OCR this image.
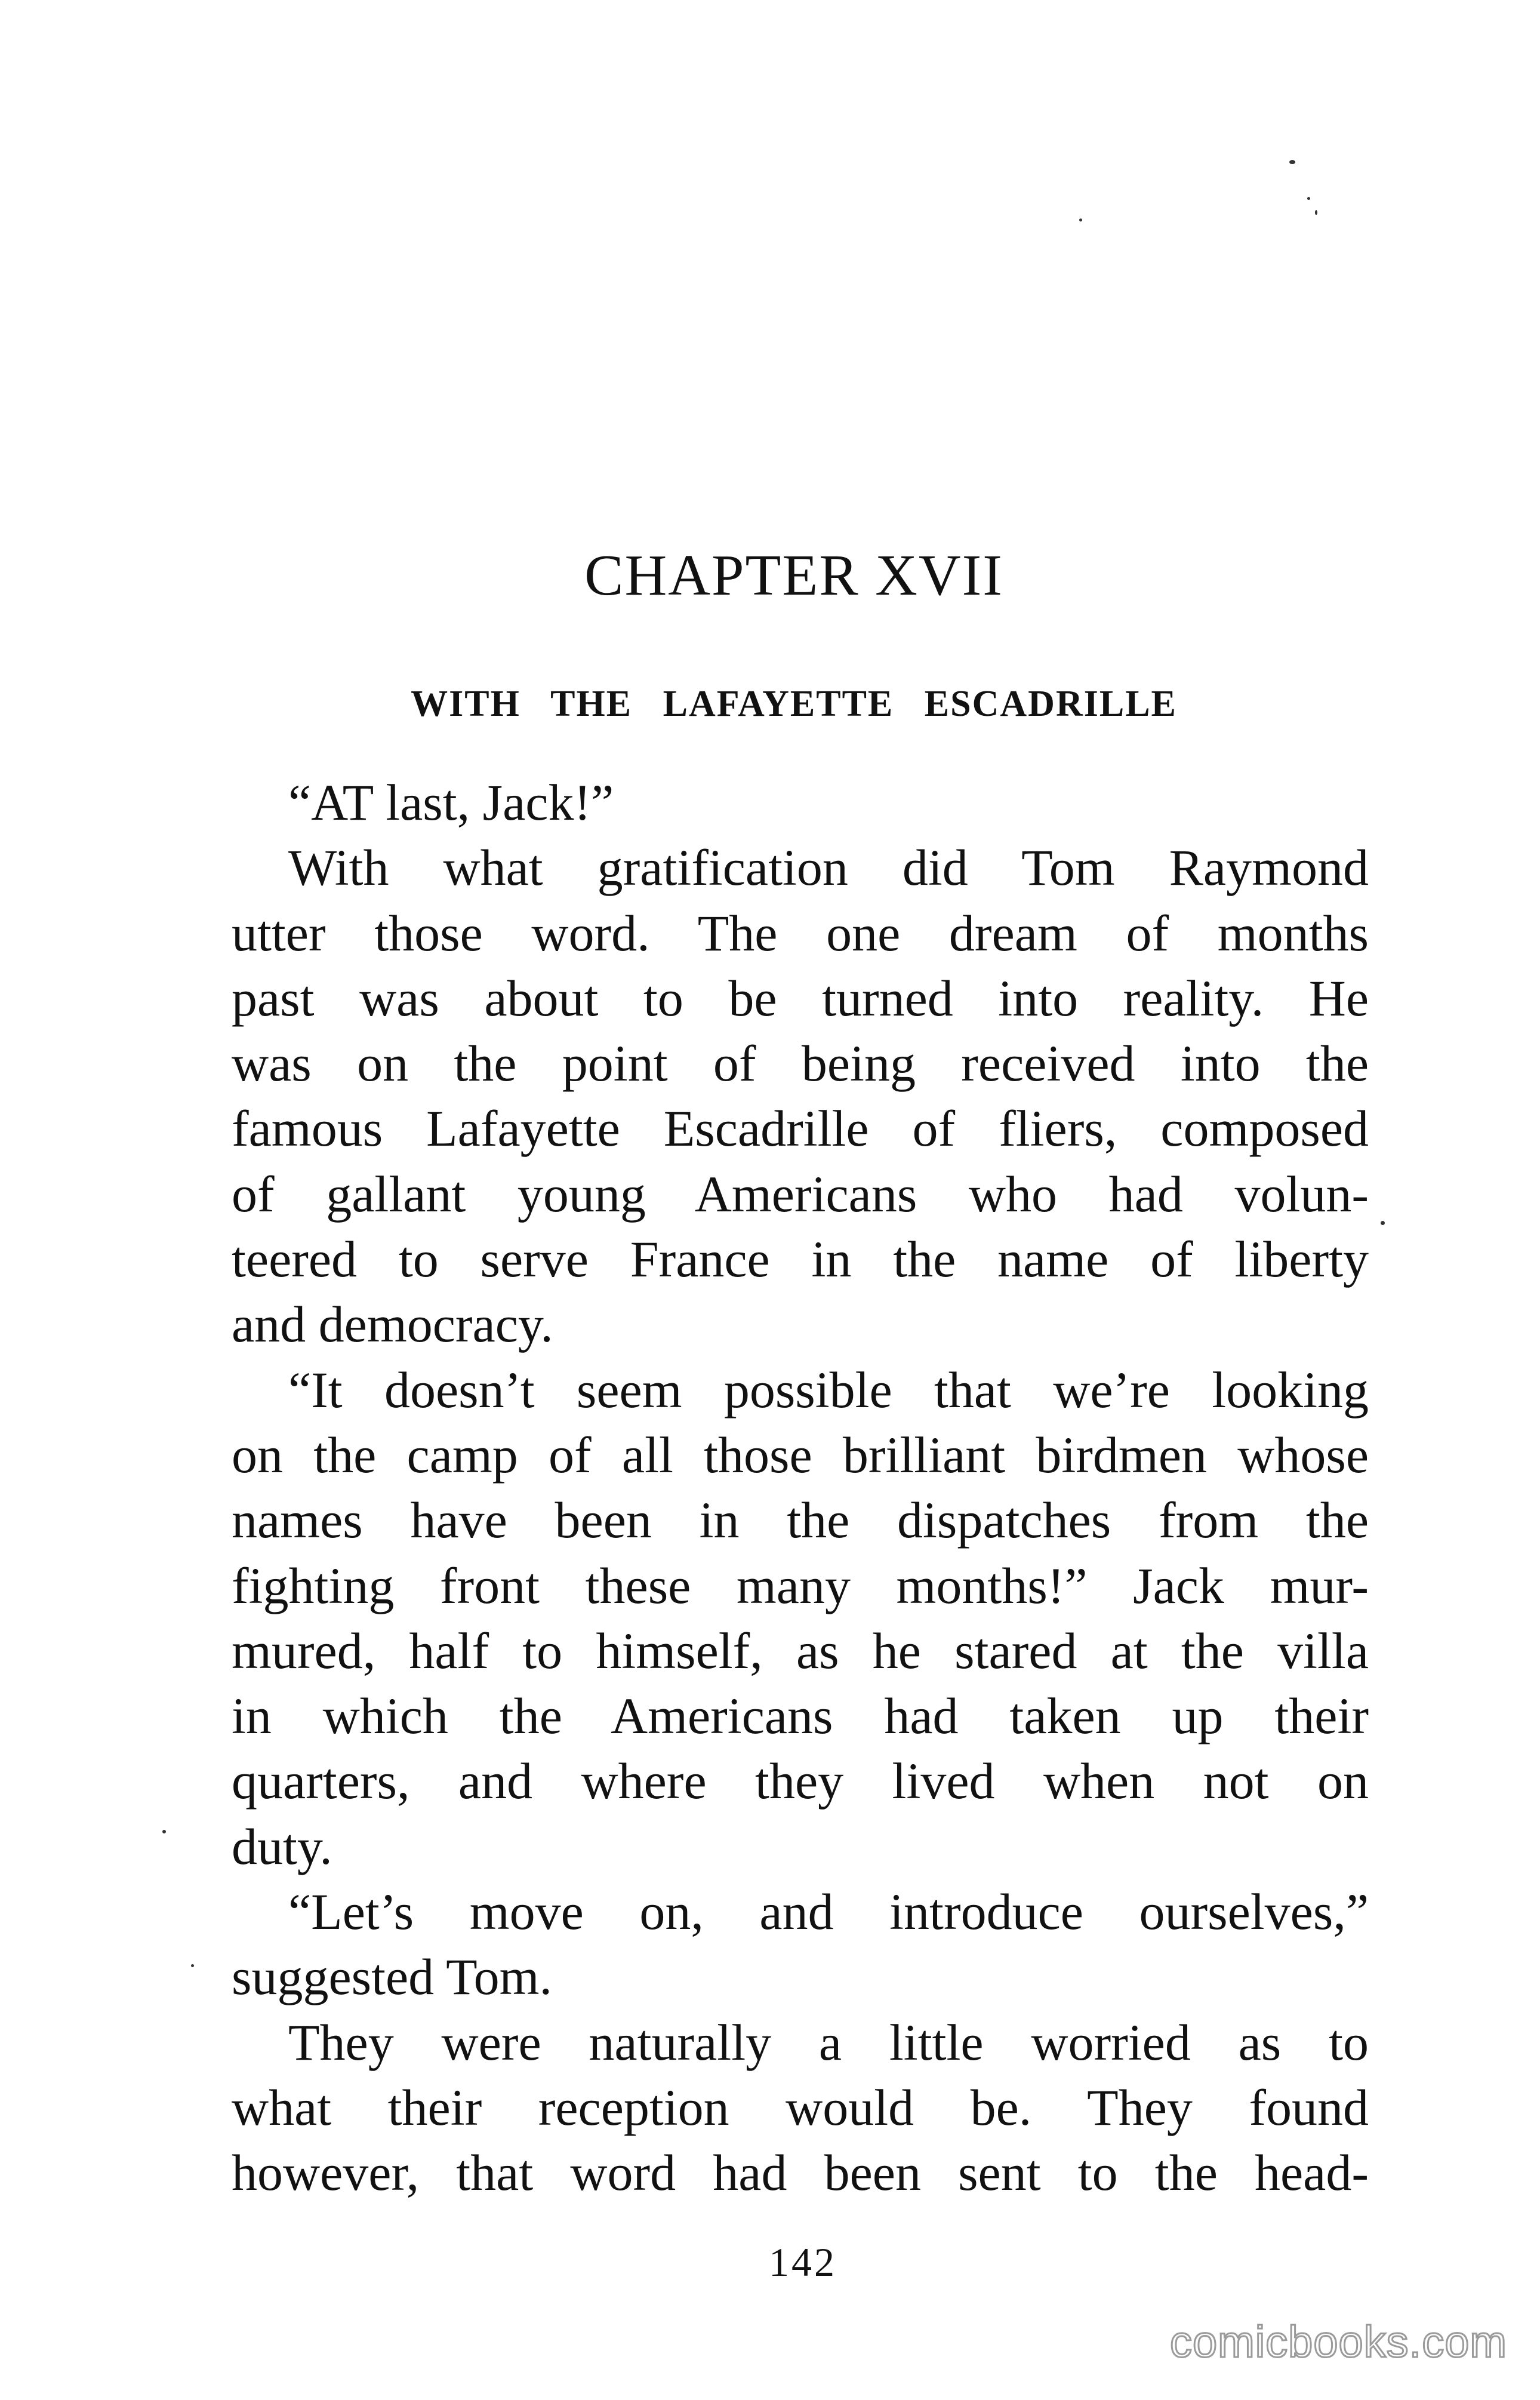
CHAPTER XVII
WITH THE LAFAYETTE ESCADRILLE
“AT last, Jack!”
With what gratification did Tom Raymond
utter those word. The one dream of months
past was about to be turned into reality. He
was on the point of being received into the
famous Lafayette Escadrille of fliers, composed
of gallant young Americans who had volun-
teered to serve France in the name of liberty
and democracy.
“It doesn’t seem possible that we’re looking
on the camp of all those brilliant birdmen whose
names have been in the dispatches from the
fighting front these many months!” Jack mur-
mured, half to himself, as he stared at the villa
in which the Americans had taken up their
quarters, and where they lived when not on
duty.
“Let’s move on, and introduce ourselves,”
suggested Tom.
They were naturally a little worried as to
what their reception would be. They found
however, that word had been sent to the head-
142
comicbooks.com
